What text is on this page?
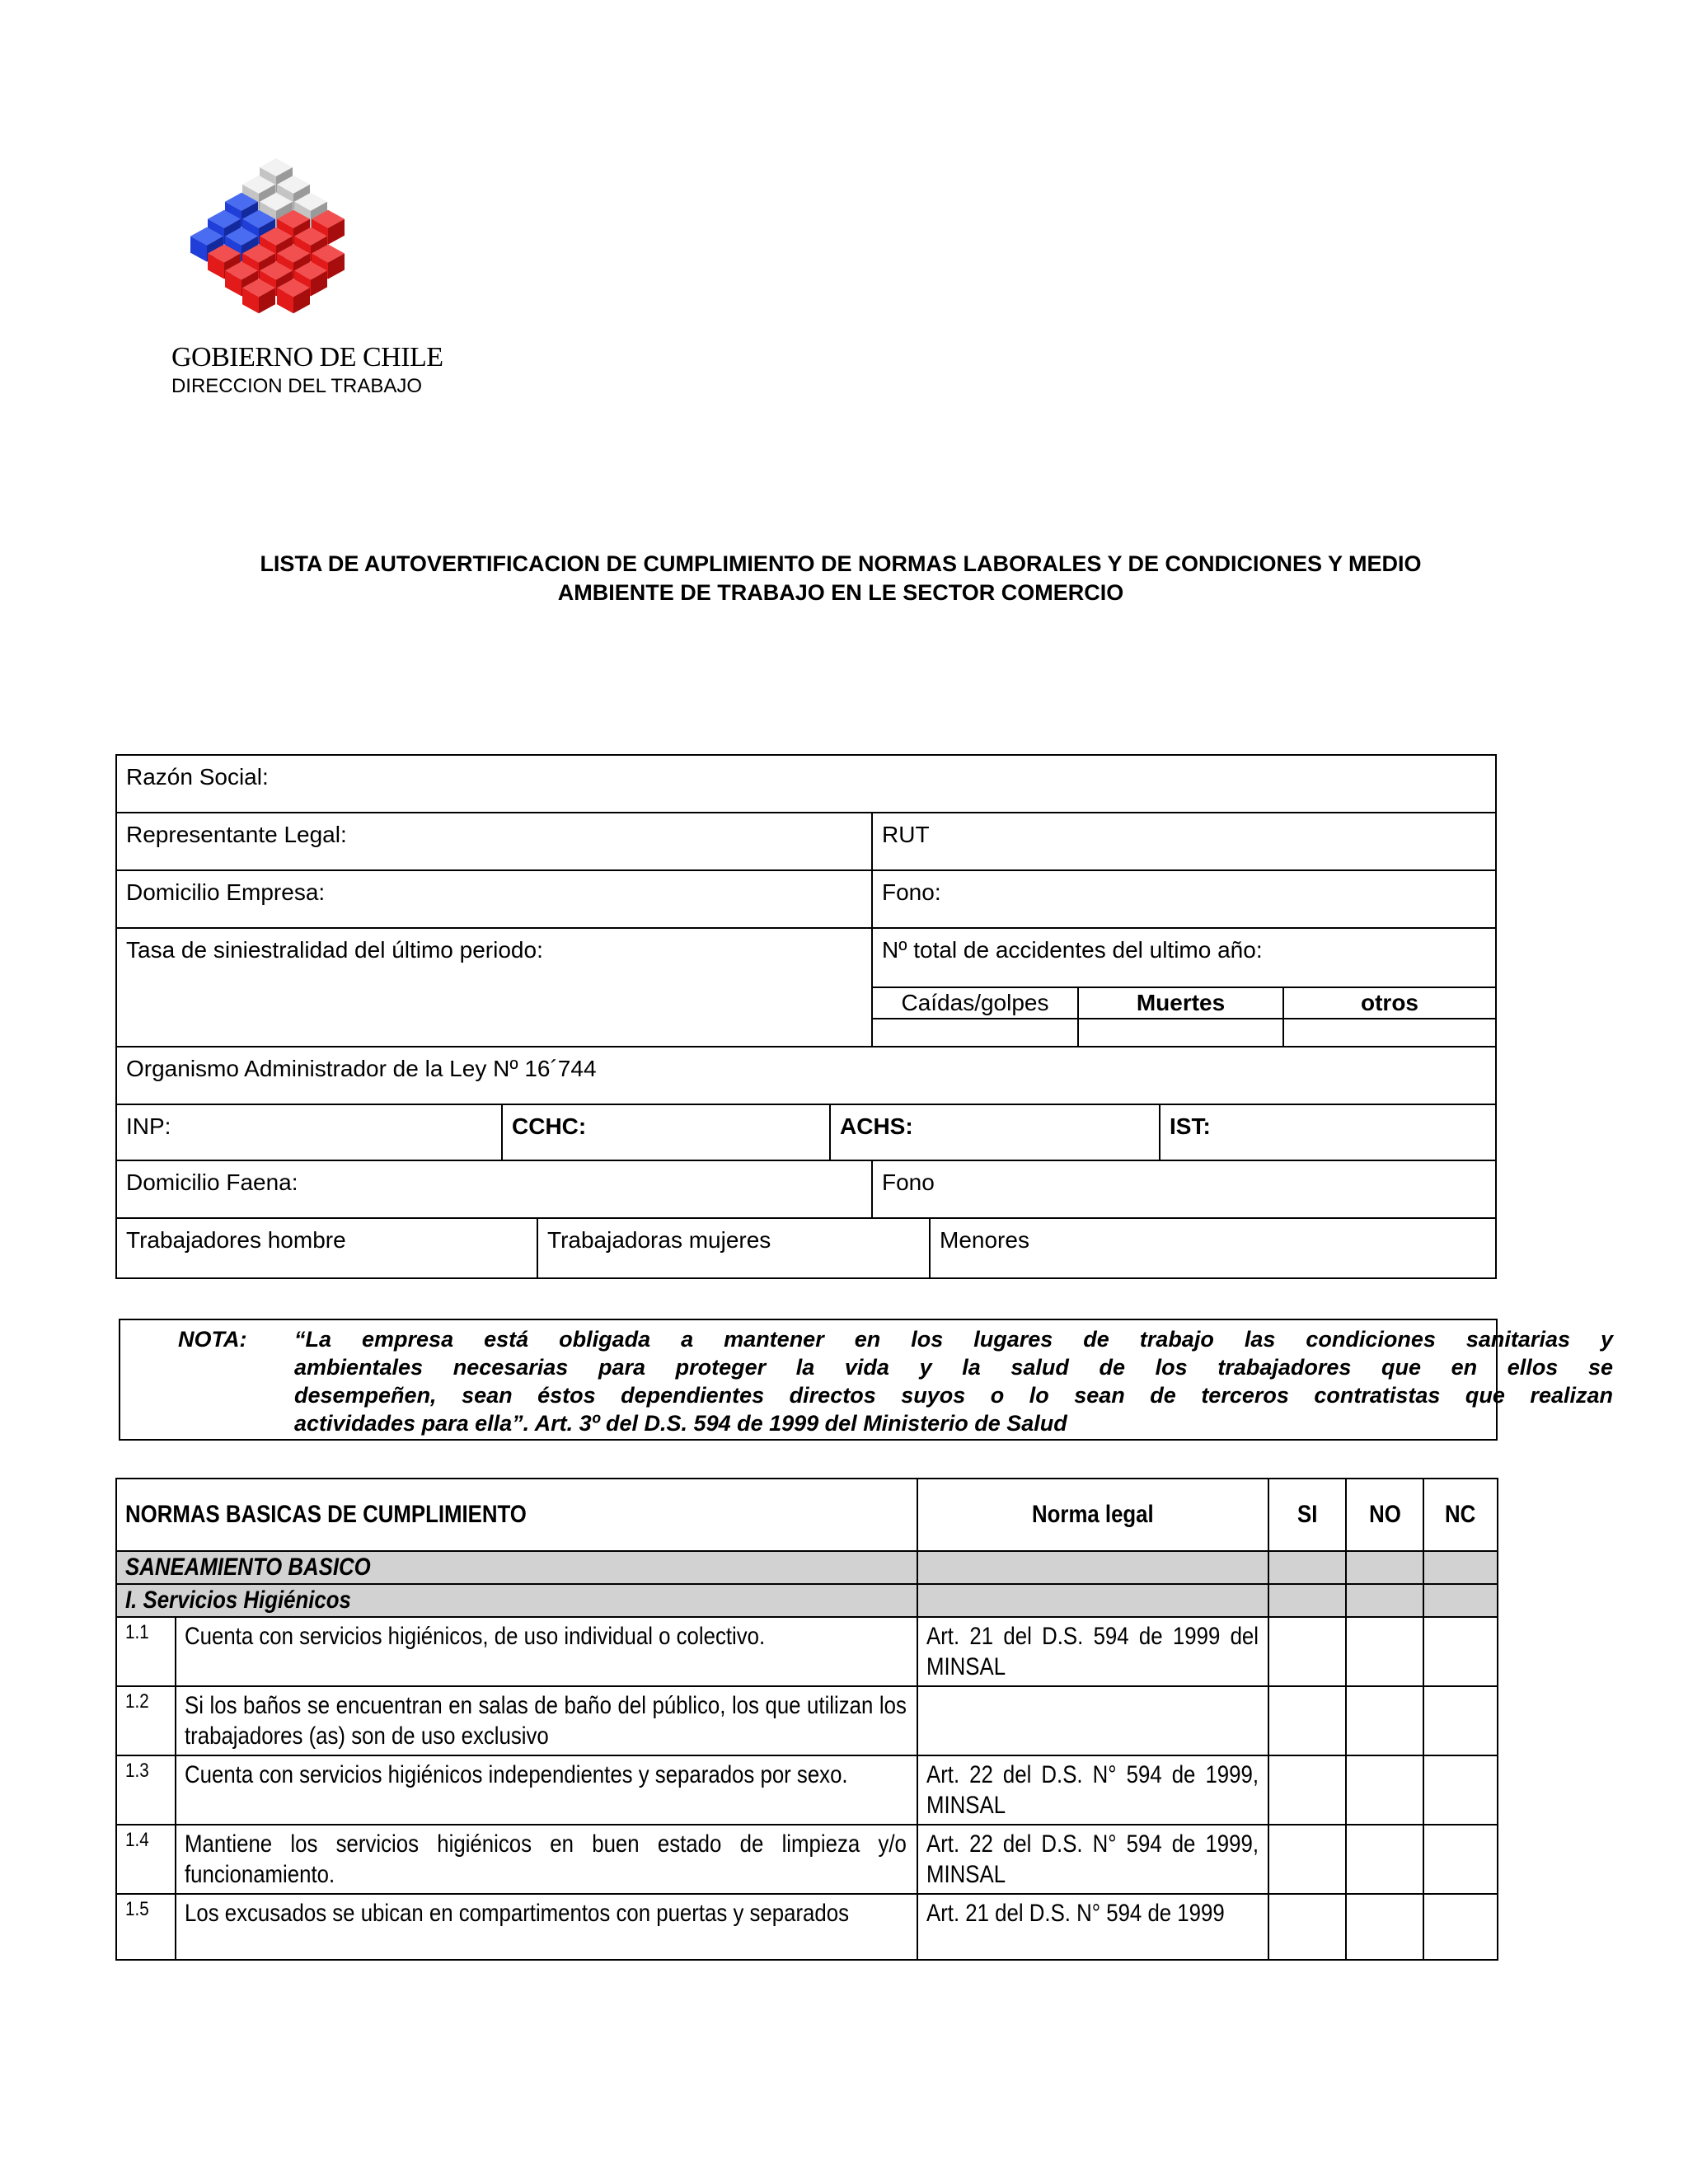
GOBIERNO DE CHILE
DIRECCION DEL TRABAJO
LISTA DE AUTOVERTIFICACION DE CUMPLIMIENTO DE NORMAS LABORALES Y DE CONDICIONES Y MEDIO
AMBIENTE DE TRABAJO EN LE SECTOR COMERCIO
Razón Social:
Representante Legal:	RUT
Domicilio Empresa:	Fono:
Tasa de siniestralidad del último periodo:	Nº total de accidentes del ultimo año:
Caídas/golpes	Muertes	otros
Organismo Administrador de la Ley Nº 16´744
INP:	CCHC:	ACHS:	IST:
Domicilio Faena:	Fono
Trabajadores hombre	Trabajadoras mujeres	Menores
NOTA: “La empresa está obligada a mantener en los lugares de trabajo las condiciones sanitarias y
ambientales necesarias para proteger la vida y la salud de los trabajadores que en ellos se
desempeñen, sean éstos dependientes directos suyos o lo sean de terceros contratistas que realizan
actividades para ella”. Art. 3º del D.S. 594 de 1999 del Ministerio de Salud
NORMAS BASICAS DE CUMPLIMIENTO		Norma legal	SI	NO	NC
SANEAMIENTO BASICO					
I. Servicios Higiénicos					
1.1	Cuenta con servicios higiénicos, de uso individual o colectivo.	Art. 21 del D.S. 594 de 1999 del MINSAL			

1.2	Si los baños se encuentran en salas de baño del público, los que utilizan los trabajadores (as) son de uso exclusivo				

1.3	Cuenta con servicios higiénicos independientes y separados por sexo.	Art. 22 del D.S. N° 594 de 1999, MINSAL			

1.4	Mantiene los servicios higiénicos en buen estado de limpieza y/o funcionamiento.	Art. 22 del D.S. N° 594 de 1999, MINSAL			

1.5	Los excusados se ubican en compartimentos con puertas y separados	Art. 21 del D.S. N° 594 de 1999			
